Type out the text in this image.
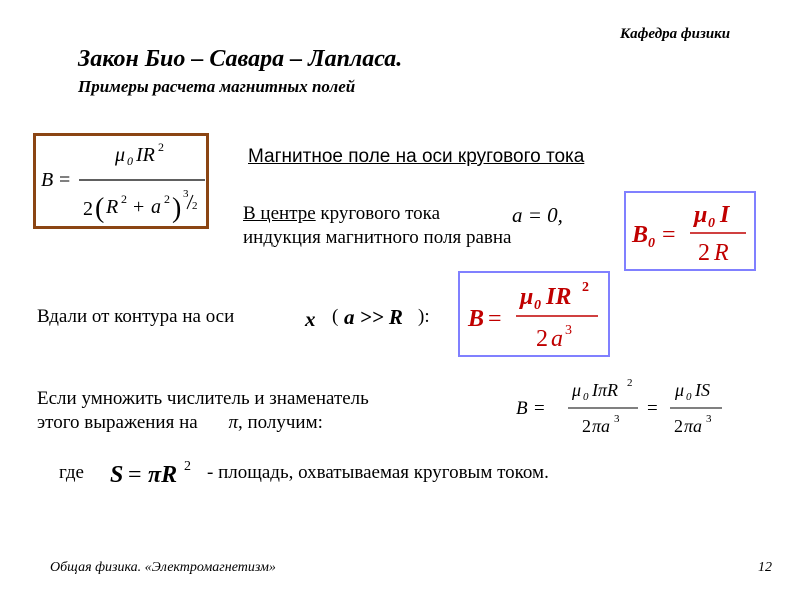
Кафедра физики
Закон Био – Савара – Лапласа.
Примеры расчета магнитных полей
B =
μ 0 IR 2
2 ( R 2 + a 2 ) 3
2
Магнитное поле на оси кругового тока
В центре кругового тока	a = 0,
индукция магнитного поля равна	B 0 =
μ 0 I
2 R
Вдали от контура на оси	x ( a >> R ): B =
μ 0 IR 2
2 a 3
Если умножить числитель и знаменатель
этого выражения на π, получим:
B =
μ 0 IπR 2
2 πa 3 =
μ 0 IS
2 πa 3
где S = πR 2 - площадь, охватываемая круговым током.
Общая физика. «Электромагнетизм»	12
